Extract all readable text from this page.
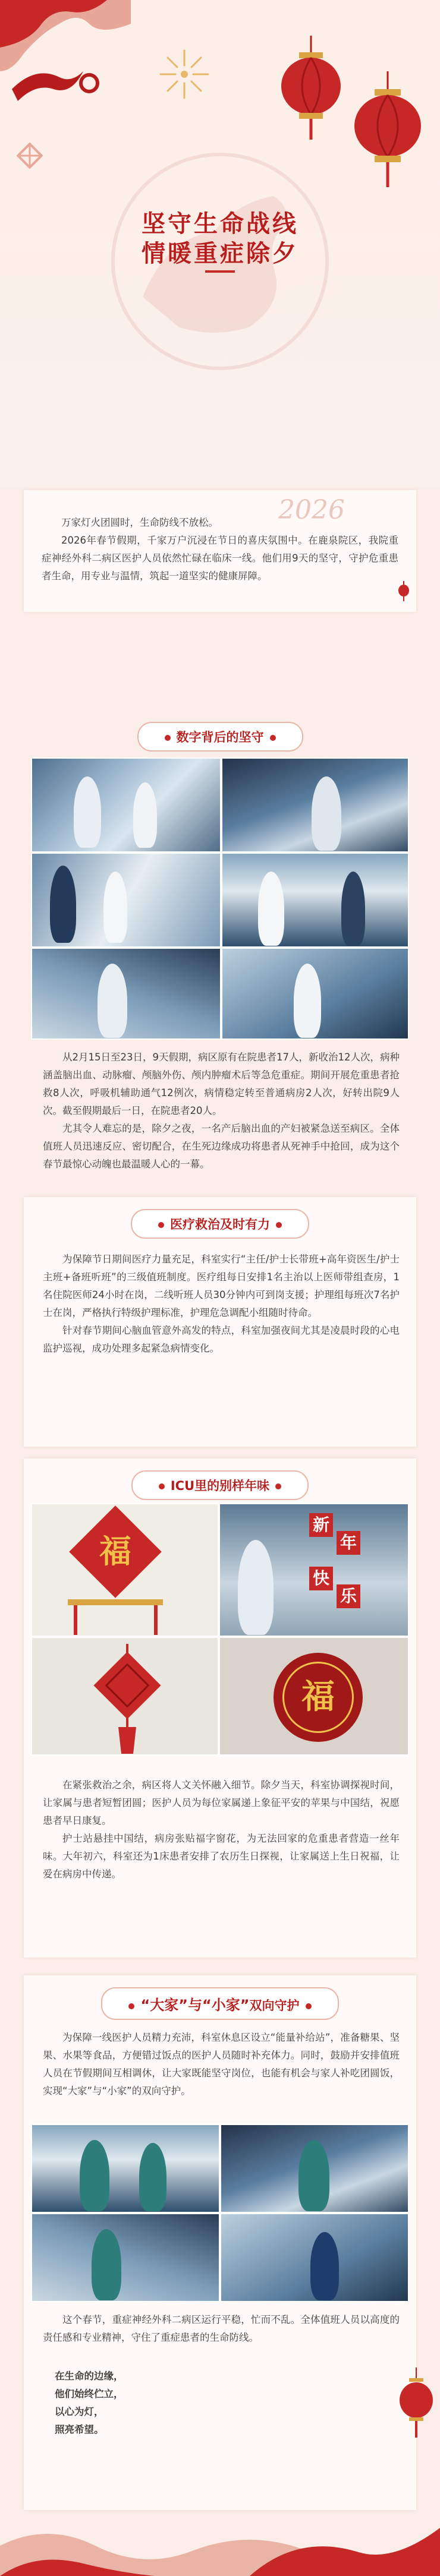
坚守生命战线
情暖重症除夕
2026

万家灯火团圆时，生命防线不放松。

2026年春节假期，千家万户沉浸在节日的喜庆氛围中。在鹿泉院区，我院重症神经外科二病区医护人员依然忙碌在临床一线。他们用9天的坚守，守护危重患者生命，用专业与温情，筑起一道坚实的健康屏障。

数字背后的坚守

从2月15日至23日，9天假期，病区原有在院患者17人，新收治12人次，病种涵盖脑出血、动脉瘤、颅脑外伤、颅内肿瘤术后等急危重症。期间开展危重患者抢救8人次，呼吸机辅助通气12例次，病情稳定转至普通病房2人次，好转出院9人次。截至假期最后一日，在院患者20人。

尤其令人难忘的是，除夕之夜，一名产后脑出血的产妇被紧急送至病区。全体值班人员迅速反应、密切配合，在生死边缘成功将患者从死神手中抢回，成为这个春节最惊心动魄也最温暖人心的一幕。

医疗救治及时有力

为保障节日期间医疗力量充足，科室实行“主任/护士长带班+高年资医生/护士主班+备班听班”的三级值班制度。医疗组每日安排1名主治以上医师带组查房，1名住院医师24小时在岗，二线听班人员30分钟内可到岗支援；护理组每班次7名护士在岗，严格执行特级护理标准，护理危急调配小组随时待命。

针对春节期间心脑血管意外高发的特点，科室加强夜间尤其是凌晨时段的心电监护巡视，成功处理多起紧急病情变化。

ICU里的别样年味
福
新
年
快
乐
福

在紧张救治之余，病区将人文关怀融入细节。除夕当天，科室协调探视时间，让家属与患者短暂团圆；医护人员为每位家属递上象征平安的苹果与中国结，祝愿患者早日康复。

护士站悬挂中国结，病房张贴福字窗花，为无法回家的危重患者营造一丝年味。大年初六，科室还为1床患者安排了农历生日探视，让家属送上生日祝福，让爱在病房中传递。

“大家”与“小家”双向守护

为保障一线医护人员精力充沛，科室休息区设立“能量补给站”，准备糖果、坚果、水果等食品，方便错过饭点的医护人员随时补充体力。同时，鼓励并安排值班人员在节假期间互相调休，让大家既能坚守岗位，也能有机会与家人补吃团圆饭，实现“大家”与“小家”的双向守护。

这个春节，重症神经外科二病区运行平稳，忙而不乱。全体值班人员以高度的责任感和专业精神，守住了重症患者的生命防线。

在生命的边缘，

他们始终伫立，

以心为灯，

照亮希望。
